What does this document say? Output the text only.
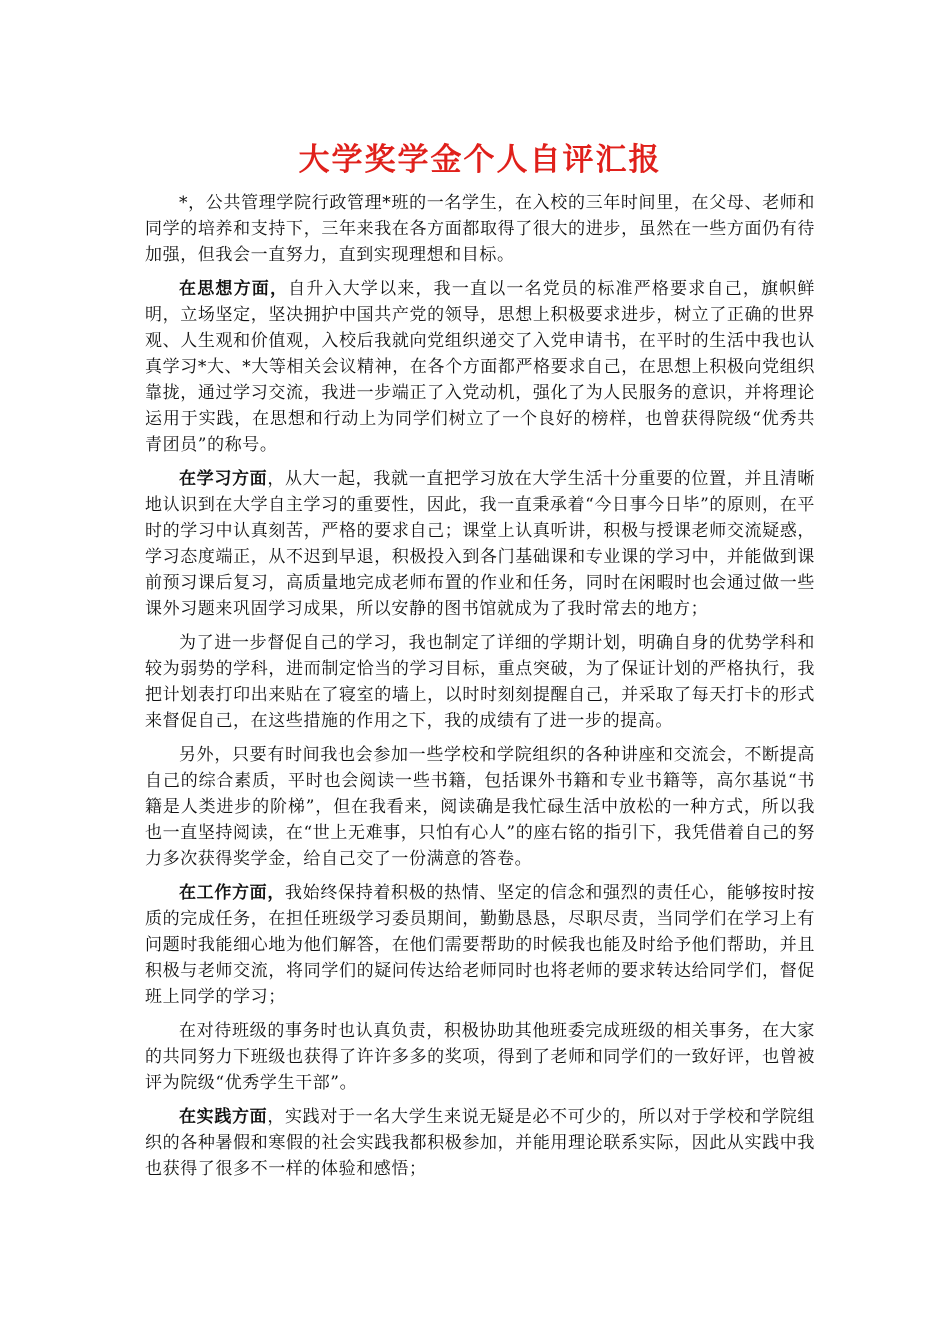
大学奖学金个人自评汇报

*，公共管理学院行政管理*班的一名学生，在入校的三年时间里，在父母、老师和同学的培养和支持下，三年来我在各方面都取得了很大的进步，虽然在一些方面仍有待加强，但我会一直努力，直到实现理想和目标。

在思想方面，自升入大学以来，我一直以一名党员的标准严格要求自己，旗帜鲜明，立场坚定，坚决拥护中国共产党的领导，思想上积极要求进步，树立了正确的世界观、人生观和价值观，入校后我就向党组织递交了入党申请书，在平时的生活中我也认真学习*大、*大等相关会议精神，在各个方面都严格要求自己，在思想上积极向党组织靠拢，通过学习交流，我进一步端正了入党动机，强化了为人民服务的意识，并将理论运用于实践，在思想和行动上为同学们树立了一个良好的榜样，也曾获得院级“优秀共青团员”的称号。

在学习方面，从大一起，我就一直把学习放在大学生活十分重要的位置，并且清晰地认识到在大学自主学习的重要性，因此，我一直秉承着“今日事今日毕”的原则，在平时的学习中认真刻苦，严格的要求自己；课堂上认真听讲，积极与授课老师交流疑惑，学习态度端正，从不迟到早退，积极投入到各门基础课和专业课的学习中，并能做到课前预习课后复习，高质量地完成老师布置的作业和任务，同时在闲暇时也会通过做一些课外习题来巩固学习成果，所以安静的图书馆就成为了我时常去的地方；

为了进一步督促自己的学习，我也制定了详细的学期计划，明确自身的优势学科和较为弱势的学科，进而制定恰当的学习目标，重点突破，为了保证计划的严格执行，我把计划表打印出来贴在了寝室的墙上，以时时刻刻提醒自己，并采取了每天打卡的形式来督促自己，在这些措施的作用之下，我的成绩有了进一步的提高。

另外，只要有时间我也会参加一些学校和学院组织的各种讲座和交流会，不断提高自己的综合素质，平时也会阅读一些书籍，包括课外书籍和专业书籍等，高尔基说“书籍是人类进步的阶梯”，但在我看来，阅读确是我忙碌生活中放松的一种方式，所以我也一直坚持阅读，在“世上无难事，只怕有心人”的座右铭的指引下，我凭借着自己的努力多次获得奖学金，给自己交了一份满意的答卷。

在工作方面，我始终保持着积极的热情、坚定的信念和强烈的责任心，能够按时按质的完成任务，在担任班级学习委员期间，勤勤恳恳，尽职尽责，当同学们在学习上有问题时我能细心地为他们解答，在他们需要帮助的时候我也能及时给予他们帮助，并且积极与老师交流，将同学们的疑问传达给老师同时也将老师的要求转达给同学们，督促班上同学的学习；

在对待班级的事务时也认真负责，积极协助其他班委完成班级的相关事务，在大家的共同努力下班级也获得了许许多多的奖项，得到了老师和同学们的一致好评，也曾被评为院级“优秀学生干部”。

在实践方面，实践对于一名大学生来说无疑是必不可少的，所以对于学校和学院组织的各种暑假和寒假的社会实践我都积极参加，并能用理论联系实际，因此从实践中我也获得了很多不一样的体验和感悟；
